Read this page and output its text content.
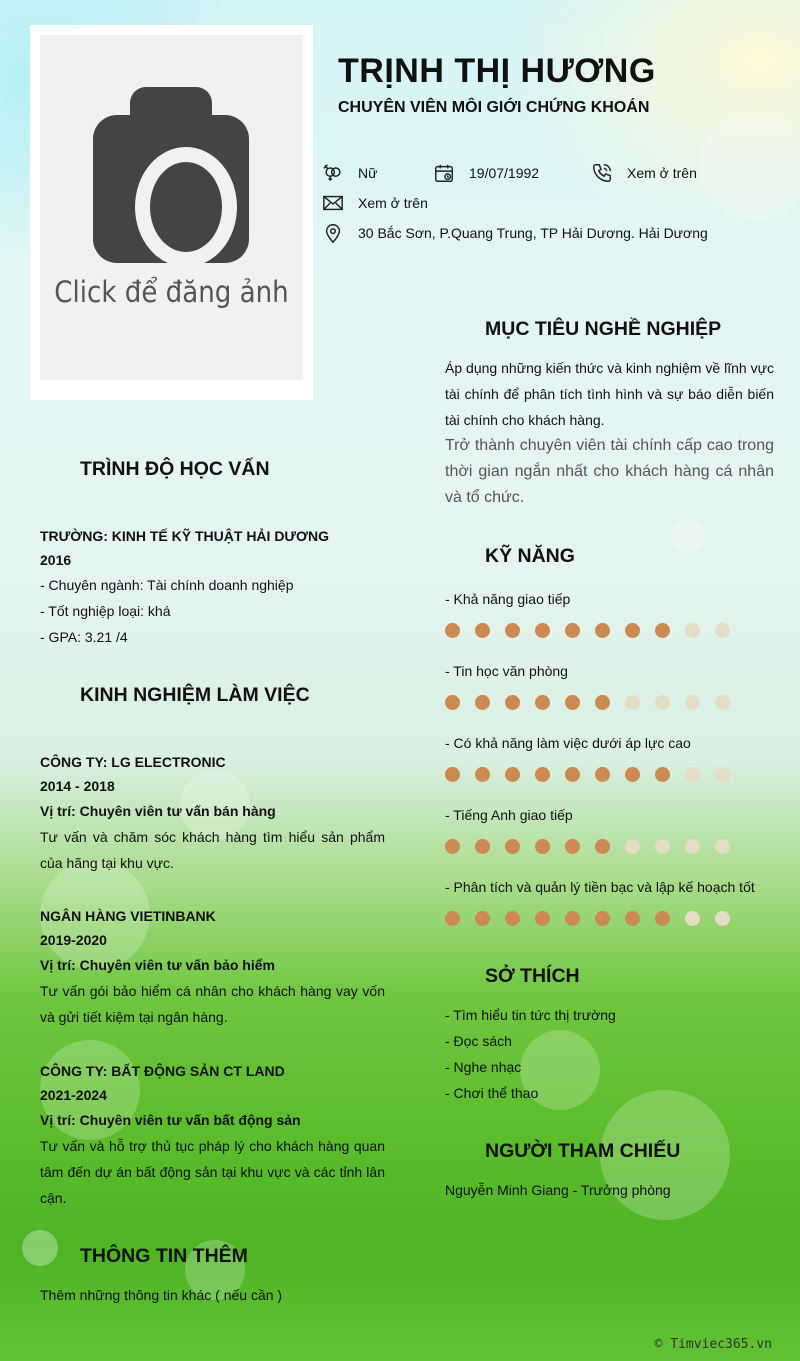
Click để đăng ảnh
TRỊNH THỊ HƯƠNG
CHUYÊN VIÊN MÔI GIỚI CHỨNG KHOÁN
Nữ	19/07/1992	Xem ở trên
Xem ở trên
30 Bắc Sơn, P.Quang Trung, TP Hải Dương. Hải Dương
MỤC TIÊU NGHỀ NGHIỆP
Áp dụng những kiến thức và kinh nghiệm về lĩnh vực tài chính để phân tích tình hình và sự báo diễn biến tài chính cho khách hàng.
Trở thành chuyên viên tài chính cấp cao trong thời gian ngắn nhất cho khách hàng cá nhân và tổ chức.
KỸ NĂNG
- Khả năng giao tiếp
- Tin học văn phòng
- Có khả năng làm việc dưới áp lực cao
- Tiếng Anh giao tiếp
- Phân tích và quản lý tiền bạc và lập kế hoạch tốt
SỞ THÍCH
- Tìm hiểu tin tức thị trường
- Đọc sách
- Nghe nhạc
- Chơi thể thao
NGƯỜI THAM CHIẾU
Nguyễn Minh Giang - Trưởng phòng
TRÌNH ĐỘ HỌC VẤN
TRƯỜNG: KINH TẾ KỸ THUẬT HẢI DƯƠNG
2016
- Chuyên ngành: Tài chính doanh nghiệp
- Tốt nghiệp loại: khá
- GPA: 3.21 /4
KINH NGHIỆM LÀM VIỆC
CÔNG TY: LG ELECTRONIC
2014 - 2018
Vị trí: Chuyên viên tư vấn bán hàng
Tư vấn và chăm sóc khách hàng tìm hiểu sản phẩm của hãng tại khu vực.
NGÂN HÀNG VIETINBANK
2019-2020
Vị trí: Chuyên viên tư vấn bảo hiểm
Tư vấn gói bảo hiểm cá nhân cho khách hàng vay vốn và gửi tiết kiệm tại ngân hàng.
CÔNG TY: BẤT ĐỘNG SẢN CT LAND
2021-2024
Vị trí: Chuyên viên tư vấn bất động sản
Tư vấn và hỗ trợ thủ tục pháp lý cho khách hàng quan tâm đến dự án bất động sản tại khu vực và các tỉnh lân cận.
THÔNG TIN THÊM
Thêm những thông tin khác ( nếu cần )
© Timviec365.vn
